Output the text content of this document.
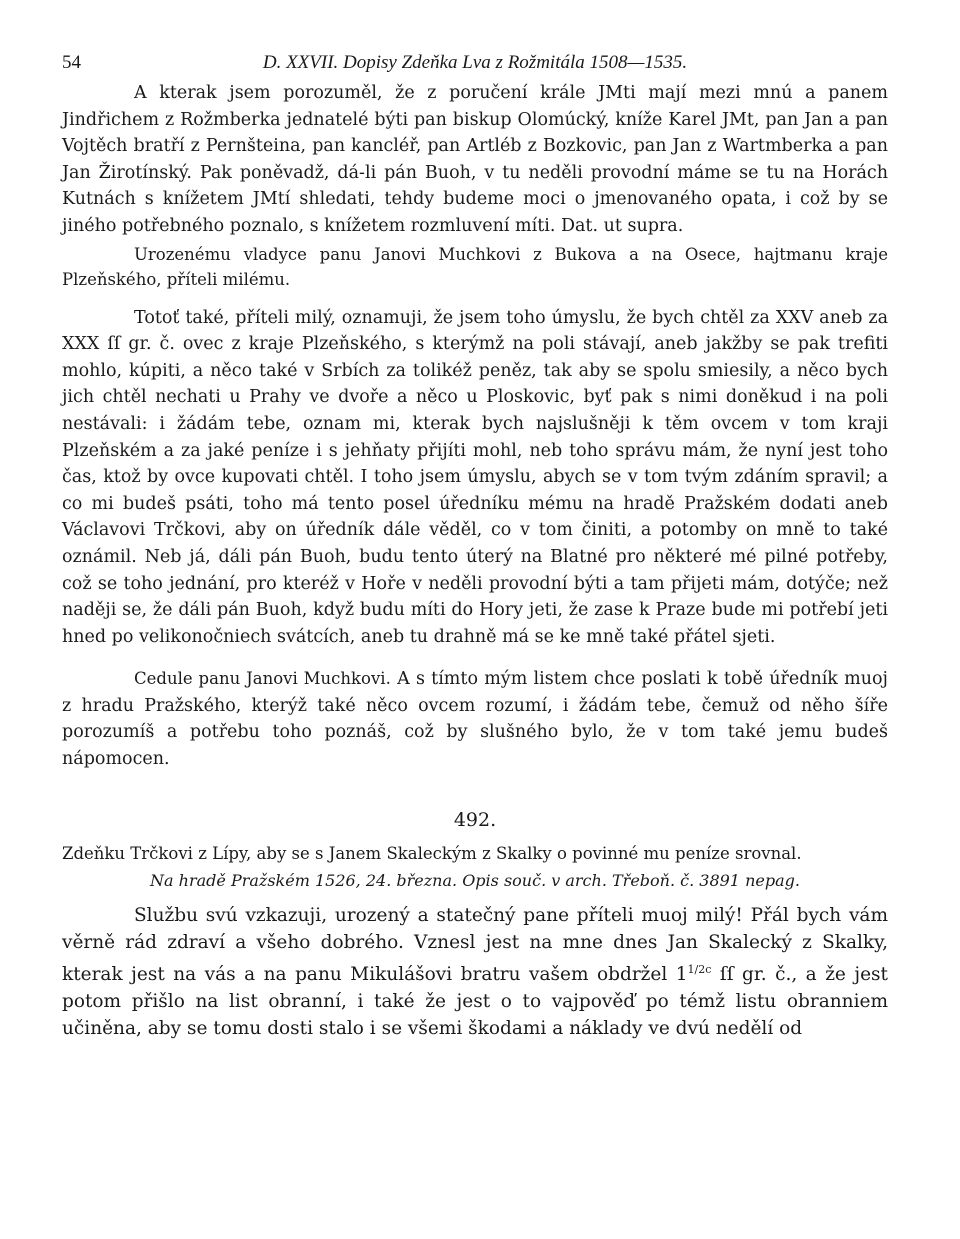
54	D. XXVII. Dopisy Zdeňka Lva z Rožmitála 1508—1535.

A kterak jsem porozuměl, že z poručení krále JMti mají mezi mnú a panem Jindřichem z Rožmberka jednatelé býti pan biskup Olomúcký, kníže Karel JMt, pan Jan a pan Vojtěch bratří z Pernšteina, pan kancléř, pan Artléb z Bozkovic, pan Jan z Wartmberka a pan Jan Žirotínský. Pak poněvadž, dá-li pán Buoh, v tu neděli provodní máme se tu na Horách Kutnách s knížetem JMtí shledati, tehdy budeme moci o jmenovaného opata, i což by se jiného potřebného poznalo, s knížetem rozmluvení míti. Dat. ut supra.

Urozenému vladyce panu Janovi Muchkovi z Bukova a na Osece, hajtmanu kraje Plzeňského, příteli milému.

Totoť také, příteli milý, oznamuji, že jsem toho úmyslu, že bych chtěl za XXV aneb za XXX ſſ gr. č. ovec z kraje Plzeňského, s kterýmž na poli stávají, aneb jakžby se pak trefiti mohlo, kúpiti, a něco také v Srbích za tolikéž peněz, tak aby se spolu smiesily, a něco bych jich chtěl nechati u Prahy ve dvoře a něco u Ploskovic, byť pak s nimi doněkud i na poli nestávali: i žádám tebe, oznam mi, kterak bych najslušněji k těm ovcem v tom kraji Plzeňském a za jaké peníze i s jehňaty přijíti mohl, neb toho správu mám, že nyní jest toho čas, ktož by ovce kupovati chtěl. I toho jsem úmyslu, abych se v tom tvým zdáním spravil; a co mi budeš psáti, toho má tento posel úředníku mému na hradě Pražském dodati aneb Václavovi Trčkovi, aby on úředník dále věděl, co v tom činiti, a potomby on mně to také oznámil. Neb já, dáli pán Buoh, budu tento úterý na Blatné pro některé mé pilné potřeby, což se toho jednání, pro kteréž v Hoře v neděli provodní býti a tam přijeti mám, dotýče; než naději se, že dáli pán Buoh, když budu míti do Hory jeti, že zase k Praze bude mi potřebí jeti hned po velikonočniech svátcích, aneb tu drahně má se ke mně také přátel sjeti.

Cedule panu Janovi Muchkovi. A s tímto mým listem chce poslati k tobě úředník muoj z hradu Pražského, kterýž také něco ovcem rozumí, i žádám tebe, čemuž od něho šíře porozumíš a potřebu toho poznáš, což by slušného bylo, že v tom také jemu budeš nápomocen.

492.

Zdeňku Trčkovi z Lípy, aby se s Janem Skaleckým z Skalky o povinné mu peníze srovnal.

Na hradě Pražském 1526, 24. března. Opis souč. v arch. Třeboň. č. 3891 nepag.

Službu svú vzkazuji, urozený a statečný pane příteli muoj milý! Přál bych vám věrně rád zdraví a všeho dobrého. Vznesl jest na mne dnes Jan Skalecký z Skalky, kterak jest na vás a na panu Mikulášovi bratru vašem obdržel $1^{1/2c}$ ſſ gr. č., a že jest potom přišlo na list obranní, i také že jest o to vajpověď po témž listu obranniem učiněna, aby se tomu dosti stalo i se všemi škodami a náklady ve dvú nedělí od
